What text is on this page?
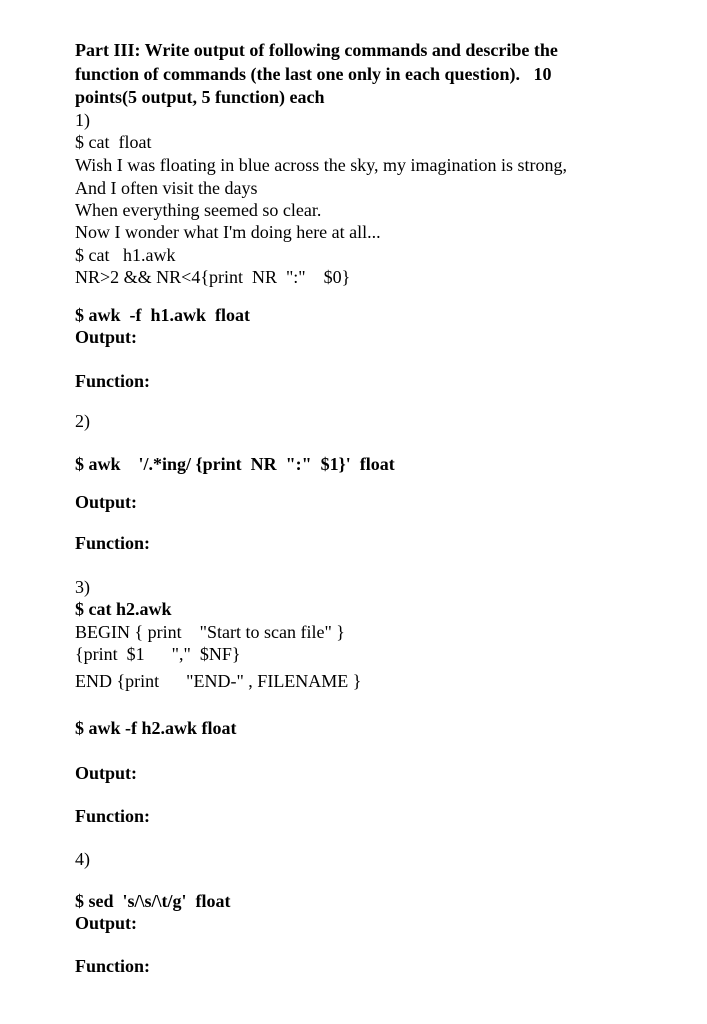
Part III: Write output of following commands and describe the

function of commands (the last one only in each question).   10

points(5 output, 5 function) each

1)

$ cat  float

Wish I was floating in blue across the sky, my imagination is strong,

And I often visit the days

When everything seemed so clear.

Now I wonder what I'm doing here at all...

$ cat   h1.awk

NR>2 && NR<4{print  NR  ":"    $0}

$ awk  -f  h1.awk  float

Output:

Function:

2)

$ awk    '/.*ing/ {print  NR  ":"  $1}'  float

Output:

Function:

3)

$ cat h2.awk

BEGIN { print    "Start to scan file" }

{print  $1      ","  $NF}

END {print      "END-" , FILENAME }

$ awk -f h2.awk float

Output:

Function:

4)

$ sed  's/\s/\t/g'  float

Output:

Function:
